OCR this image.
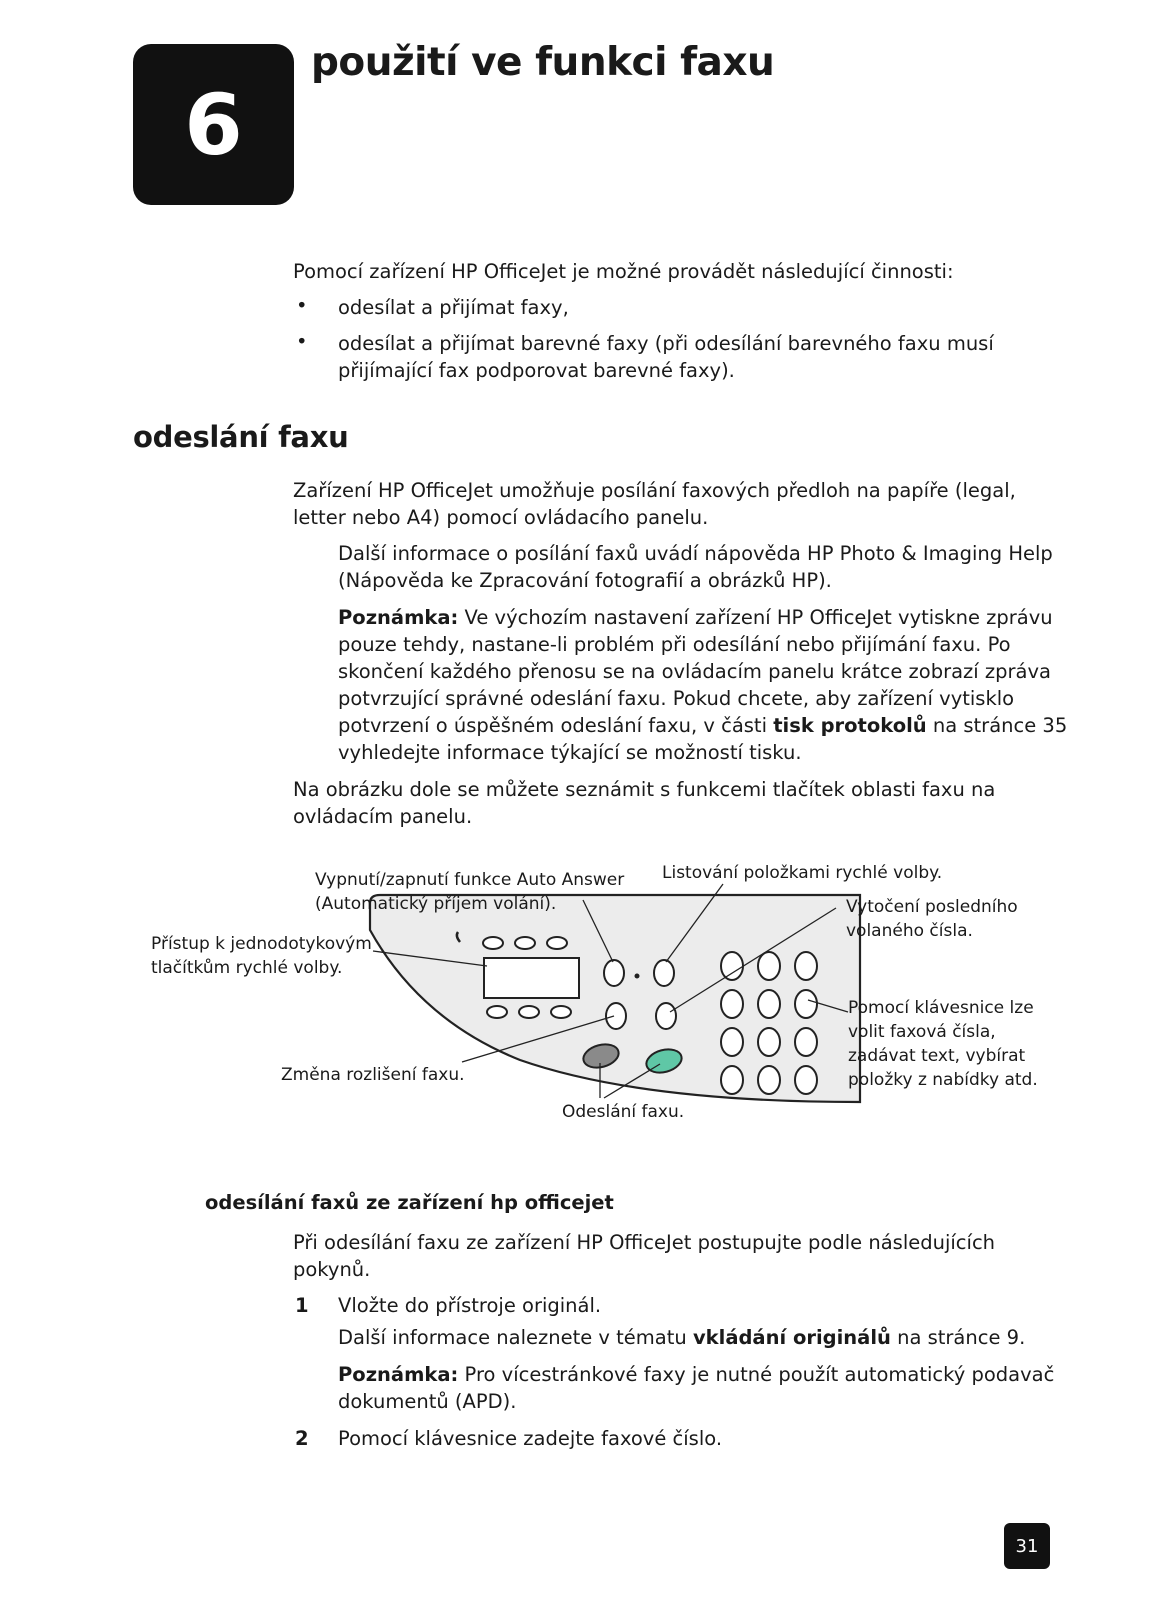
6
použití ve funkci faxu
Pomocí zařízení HP OfficeJet je možné provádět následující činnosti:
• odesílat a přijímat faxy,
• odesílat a přijímat barevné faxy (při odesílání barevného faxu musí
přijímající fax podporovat barevné faxy).
odeslání faxu
Zařízení HP OfficeJet umožňuje posílání faxových předloh na papíře (legal,
letter nebo A4) pomocí ovládacího panelu.
Další informace o posílání faxů uvádí nápověda HP Photo & Imaging Help
(Nápověda ke Zpracování fotografií a obrázků HP).
Poznámka: Ve výchozím nastavení zařízení HP OfficeJet vytiskne zprávu
pouze tehdy, nastane-li problém při odesílání nebo přijímání faxu. Po
skončení každého přenosu se na ovládacím panelu krátce zobrazí zpráva
potvrzující správné odeslání faxu. Pokud chcete, aby zařízení vytisklo
potvrzení o úspěšném odeslání faxu, v části tisk protokolů na stránce 35
vyhledejte informace týkající se možností tisku.
Na obrázku dole se můžete seznámit s funkcemi tlačítek oblasti faxu na
ovládacím panelu.
Vypnutí/zapnutí funkce Auto Answer
(Automatický příjem volání).
Listování položkami rychlé volby.
Vytočení posledního
volaného čísla.
Přístup k jednodotykovým
tlačítkům rychlé volby.
Pomocí klávesnice lze
volit faxová čísla,
zadávat text, vybírat
položky z nabídky atd.
Změna rozlišení faxu.
Odeslání faxu.
odesílání faxů ze zařízení hp officejet
Při odesílání faxu ze zařízení HP OfficeJet postupujte podle následujících
pokynů.
1 Vložte do přístroje originál.
Další informace naleznete v tématu vkládání originálů na stránce 9.
Poznámka: Pro vícestránkové faxy je nutné použít automatický podavač
dokumentů (APD).
2 Pomocí klávesnice zadejte faxové číslo.
31
